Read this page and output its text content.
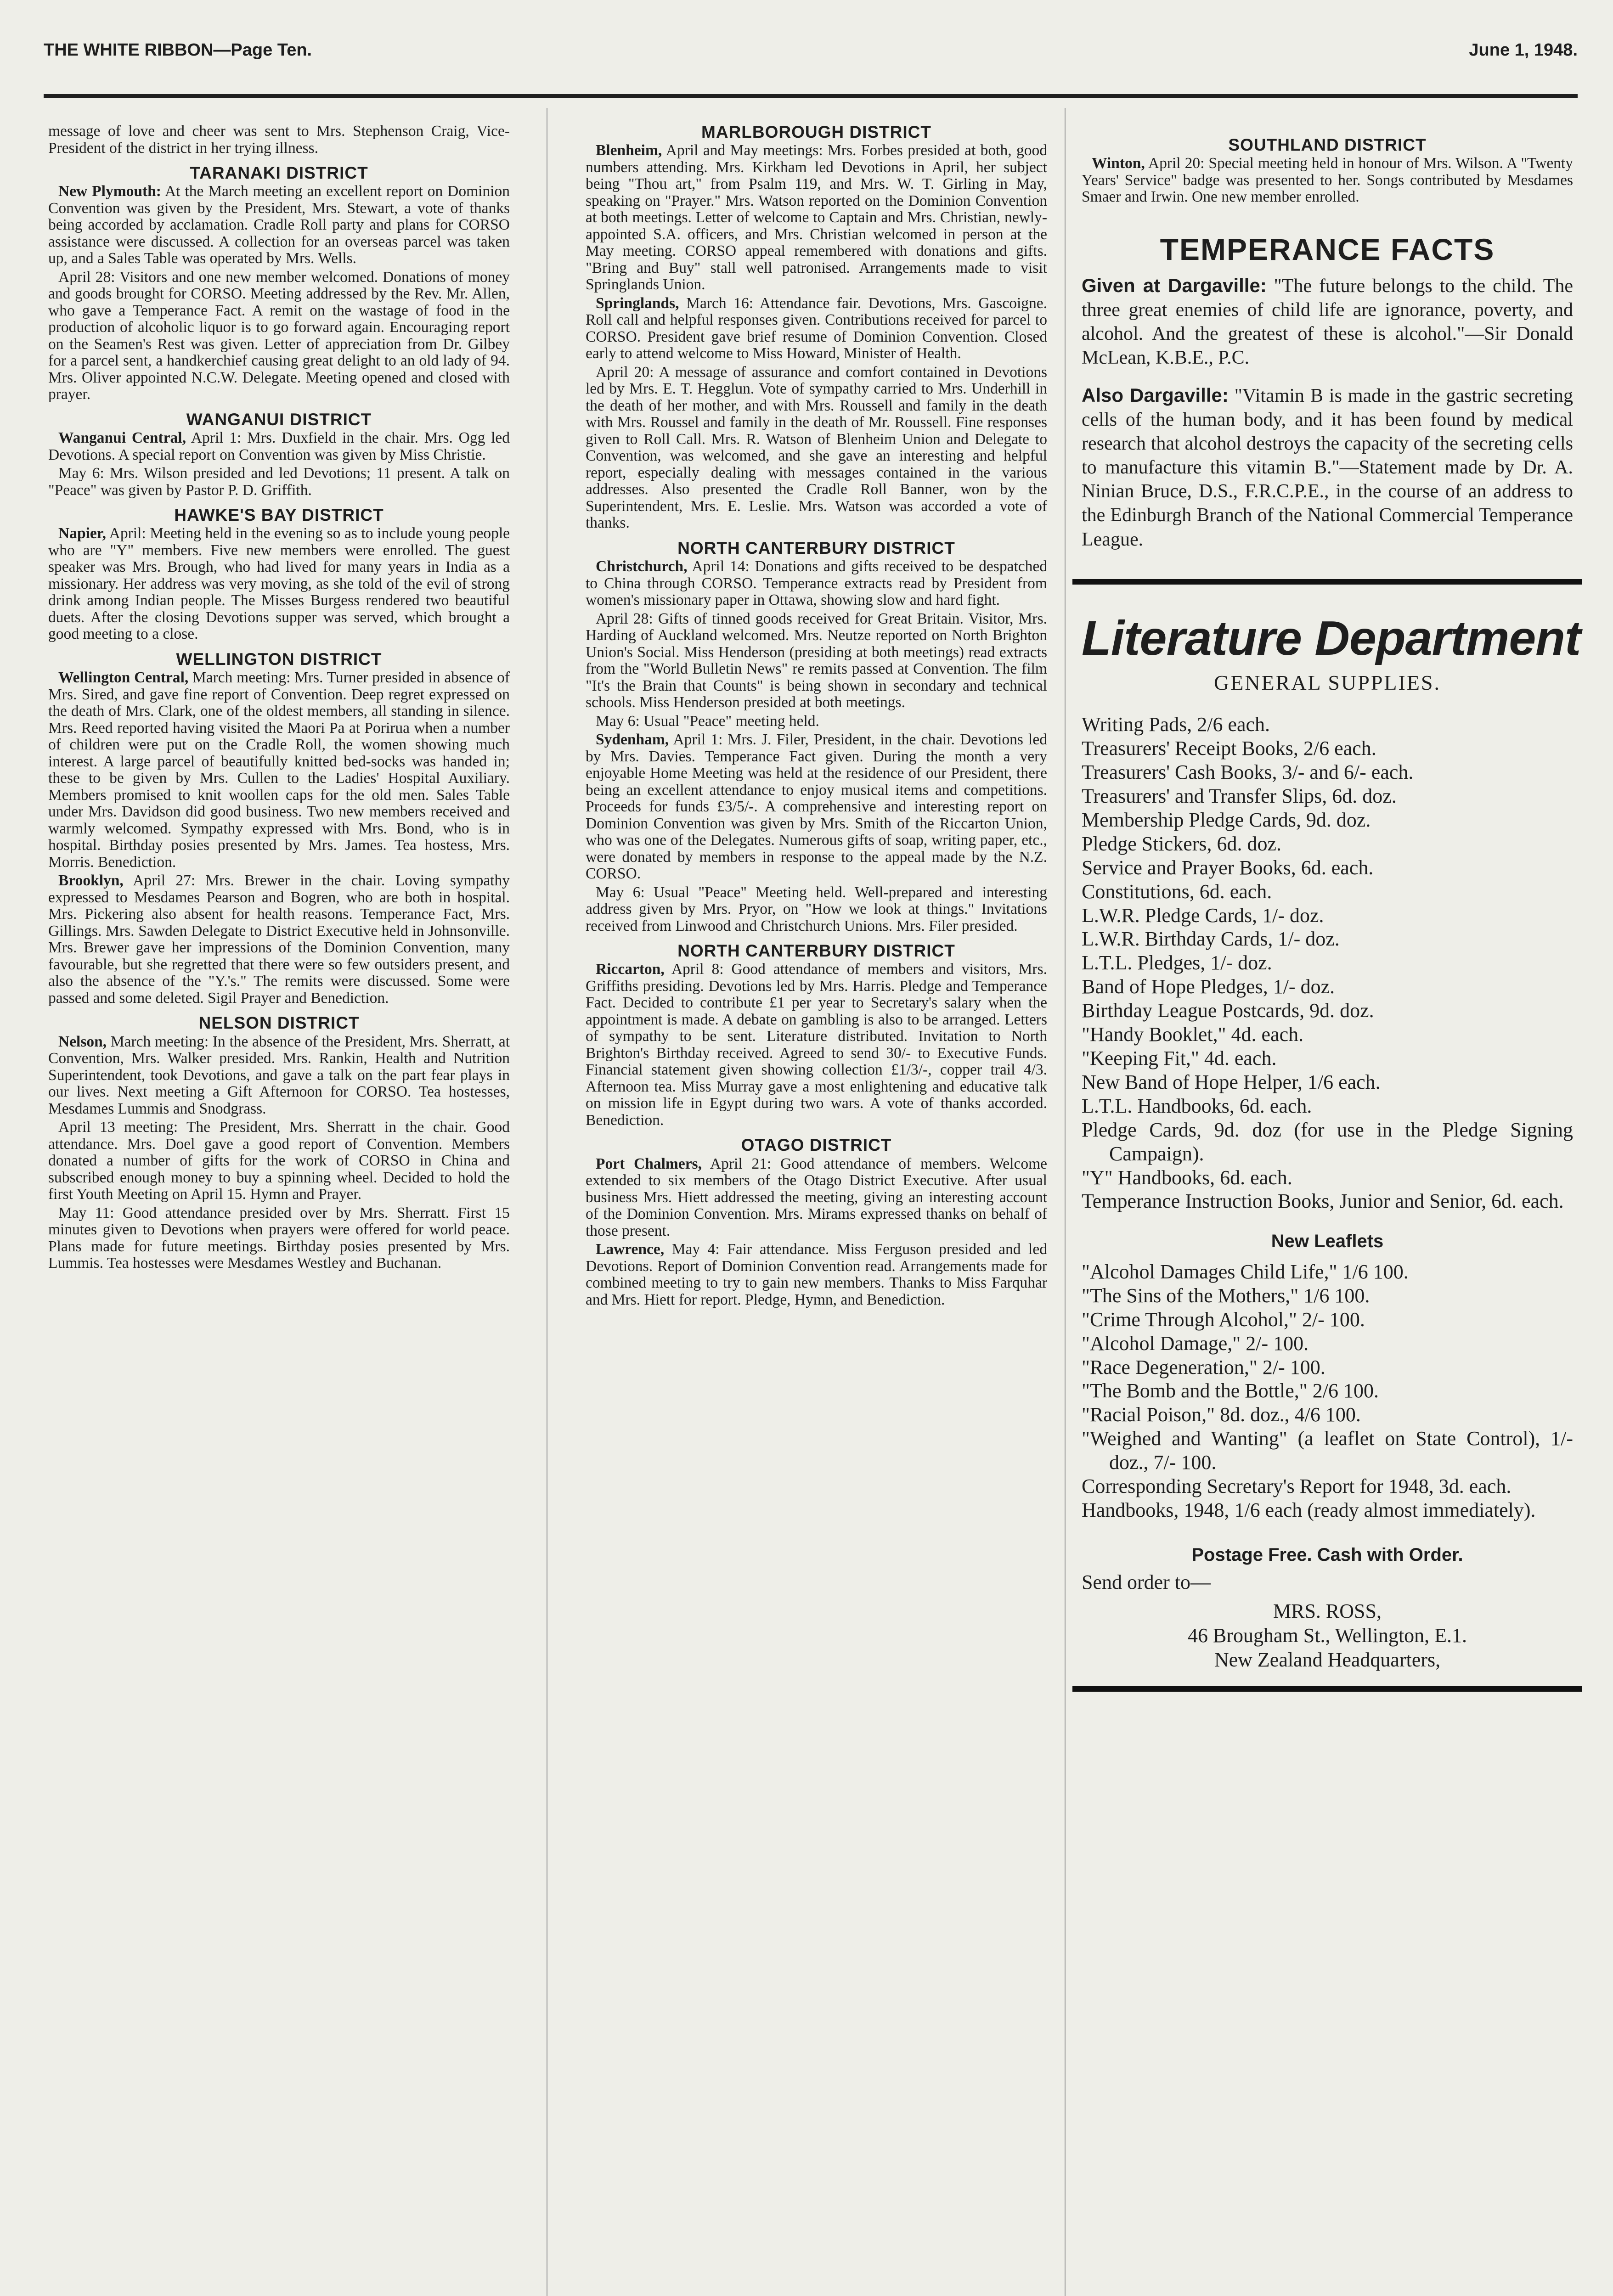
THE WHITE RIBBON—Page Ten.	June 1, 1948.

message of love and cheer was sent to Mrs. Stephenson Craig, Vice-President of the district in her trying illness.

TARANAKI DISTRICT

New Plymouth: At the March meeting an excellent report on Dominion Convention was given by the President, Mrs. Stewart, a vote of thanks being accorded by acclamation. Cradle Roll party and plans for CORSO assistance were discussed. A collection for an overseas parcel was taken up, and a Sales Table was operated by Mrs. Wells.

April 28: Visitors and one new member welcomed. Donations of money and goods brought for CORSO. Meeting addressed by the Rev. Mr. Allen, who gave a Temperance Fact. A remit on the wastage of food in the production of alcoholic liquor is to go forward again. Encouraging report on the Seamen's Rest was given. Letter of appreciation from Dr. Gilbey for a parcel sent, a handkerchief causing great delight to an old lady of 94. Mrs. Oliver appointed N.C.W. Delegate. Meeting opened and closed with prayer.

WANGANUI DISTRICT

Wanganui Central, April 1: Mrs. Duxfield in the chair. Mrs. Ogg led Devotions. A special report on Convention was given by Miss Christie.

May 6: Mrs. Wilson presided and led Devotions; 11 present. A talk on "Peace" was given by Pastor P. D. Griffith.

HAWKE'S BAY DISTRICT

Napier, April: Meeting held in the evening so as to include young people who are "Y" members. Five new members were enrolled. The guest speaker was Mrs. Brough, who had lived for many years in India as a missionary. Her address was very moving, as she told of the evil of strong drink among Indian people. The Misses Burgess rendered two beautiful duets. After the closing Devotions supper was served, which brought a good meeting to a close.

WELLINGTON DISTRICT

Wellington Central, March meeting: Mrs. Turner presided in absence of Mrs. Sired, and gave fine report of Convention. Deep regret expressed on the death of Mrs. Clark, one of the oldest members, all standing in silence. Mrs. Reed reported having visited the Maori Pa at Porirua when a number of children were put on the Cradle Roll, the women showing much interest. A large parcel of beautifully knitted bed-socks was handed in; these to be given by Mrs. Cullen to the Ladies' Hospital Auxiliary. Members promised to knit woollen caps for the old men. Sales Table under Mrs. Davidson did good business. Two new members received and warmly welcomed. Sympathy expressed with Mrs. Bond, who is in hospital. Birthday posies presented by Mrs. James. Tea hostess, Mrs. Morris. Benediction.

Brooklyn, April 27: Mrs. Brewer in the chair. Loving sympathy expressed to Mesdames Pearson and Bogren, who are both in hospital. Mrs. Pickering also absent for health reasons. Temperance Fact, Mrs. Gillings. Mrs. Sawden Delegate to District Executive held in Johnsonville. Mrs. Brewer gave her impressions of the Dominion Convention, many favourable, but she regretted that there were so few outsiders present, and also the absence of the "Y.'s." The remits were discussed. Some were passed and some deleted. Sigil Prayer and Benediction.

NELSON DISTRICT

Nelson, March meeting: In the absence of the President, Mrs. Sherratt, at Convention, Mrs. Walker presided. Mrs. Rankin, Health and Nutrition Superintendent, took Devotions, and gave a talk on the part fear plays in our lives. Next meeting a Gift Afternoon for CORSO. Tea hostesses, Mesdames Lummis and Snodgrass.

April 13 meeting: The President, Mrs. Sherratt in the chair. Good attendance. Mrs. Doel gave a good report of Convention. Members donated a number of gifts for the work of CORSO in China and subscribed enough money to buy a spinning wheel. Decided to hold the first Youth Meeting on April 15. Hymn and Prayer.

May 11: Good attendance presided over by Mrs. Sherratt. First 15 minutes given to Devotions when prayers were offered for world peace. Plans made for future meetings. Birthday posies presented by Mrs. Lummis. Tea hostesses were Mesdames Westley and Buchanan.

MARLBOROUGH DISTRICT

Blenheim, April and May meetings: Mrs. Forbes presided at both, good numbers attending. Mrs. Kirkham led Devotions in April, her subject being "Thou art," from Psalm 119, and Mrs. W. T. Girling in May, speaking on "Prayer." Mrs. Watson reported on the Dominion Convention at both meetings. Letter of welcome to Captain and Mrs. Christian, newly-appointed S.A. officers, and Mrs. Christian welcomed in person at the May meeting. CORSO appeal remembered with donations and gifts. "Bring and Buy" stall well patronised. Arrangements made to visit Springlands Union.

Springlands, March 16: Attendance fair. Devotions, Mrs. Gascoigne. Roll call and helpful responses given. Contributions received for parcel to CORSO. President gave brief resume of Dominion Convention. Closed early to attend welcome to Miss Howard, Minister of Health.

April 20: A message of assurance and comfort contained in Devotions led by Mrs. E. T. Hegglun. Vote of sympathy carried to Mrs. Underhill in the death of her mother, and with Mrs. Roussell and family in the death with Mrs. Roussel and family in the death of Mr. Roussell. Fine responses given to Roll Call. Mrs. R. Watson of Blenheim Union and Delegate to Convention, was welcomed, and she gave an interesting and helpful report, especially dealing with messages contained in the various addresses. Also presented the Cradle Roll Banner, won by the Superintendent, Mrs. E. Leslie. Mrs. Watson was accorded a vote of thanks.

NORTH CANTERBURY DISTRICT

Christchurch, April 14: Donations and gifts received to be despatched to China through CORSO. Temperance extracts read by President from women's missionary paper in Ottawa, showing slow and hard fight.

April 28: Gifts of tinned goods received for Great Britain. Visitor, Mrs. Harding of Auckland welcomed. Mrs. Neutze reported on North Brighton Union's Social. Miss Henderson (presiding at both meetings) read extracts from the "World Bulletin News" re remits passed at Convention. The film "It's the Brain that Counts" is being shown in secondary and technical schools. Miss Henderson presided at both meetings.

May 6: Usual "Peace" meeting held.

Sydenham, April 1: Mrs. J. Filer, President, in the chair. Devotions led by Mrs. Davies. Temperance Fact given. During the month a very enjoyable Home Meeting was held at the residence of our President, there being an excellent attendance to enjoy musical items and competitions. Proceeds for funds £3/5/-. A comprehensive and interesting report on Dominion Convention was given by Mrs. Smith of the Riccarton Union, who was one of the Delegates. Numerous gifts of soap, writing paper, etc., were donated by members in response to the appeal made by the N.Z. CORSO.

May 6: Usual "Peace" Meeting held. Well-prepared and interesting address given by Mrs. Pryor, on "How we look at things." Invitations received from Linwood and Christchurch Unions. Mrs. Filer presided.

NORTH CANTERBURY DISTRICT

Riccarton, April 8: Good attendance of members and visitors, Mrs. Griffiths presiding. Devotions led by Mrs. Harris. Pledge and Temperance Fact. Decided to contribute £1 per year to Secretary's salary when the appointment is made. A debate on gambling is also to be arranged. Letters of sympathy to be sent. Literature distributed. Invitation to North Brighton's Birthday received. Agreed to send 30/- to Executive Funds. Financial statement given showing collection £1/3/-, copper trail 4/3. Afternoon tea. Miss Murray gave a most enlightening and educative talk on mission life in Egypt during two wars. A vote of thanks accorded. Benediction.

OTAGO DISTRICT

Port Chalmers, April 21: Good attendance of members. Welcome extended to six members of the Otago District Executive. After usual business Mrs. Hiett addressed the meeting, giving an interesting account of the Dominion Convention. Mrs. Mirams expressed thanks on behalf of those present.

Lawrence, May 4: Fair attendance. Miss Ferguson presided and led Devotions. Report of Dominion Convention read. Arrangements made for combined meeting to try to gain new members. Thanks to Miss Farquhar and Mrs. Hiett for report. Pledge, Hymn, and Benediction.

SOUTHLAND DISTRICT

Winton, April 20: Special meeting held in honour of Mrs. Wilson. A "Twenty Years' Service" badge was presented to her. Songs contributed by Mesdames Smaer and Irwin. One new member enrolled.

TEMPERANCE FACTS

Given at Dargaville: "The future belongs to the child. The three great enemies of child life are ignorance, poverty, and alcohol. And the greatest of these is alcohol."—Sir Donald McLean, K.B.E., P.C.

Also Dargaville: "Vitamin B is made in the gastric secreting cells of the human body, and it has been found by medical research that alcohol destroys the capacity of the secreting cells to manufacture this vitamin B."—Statement made by Dr. A. Ninian Bruce, D.S., F.R.C.P.E., in the course of an address to the Edinburgh Branch of the National Commercial Temperance League.

Literature Department
GENERAL SUPPLIES.
Writing Pads, 2/6 each.
Treasurers' Receipt Books, 2/6 each.
Treasurers' Cash Books, 3/- and 6/- each.
Treasurers' and Transfer Slips, 6d. doz.
Membership Pledge Cards, 9d. doz.
Pledge Stickers, 6d. doz.
Service and Prayer Books, 6d. each.
Constitutions, 6d. each.
L.W.R. Pledge Cards, 1/- doz.
L.W.R. Birthday Cards, 1/- doz.
L.T.L. Pledges, 1/- doz.
Band of Hope Pledges, 1/- doz.
Birthday League Postcards, 9d. doz.
"Handy Booklet," 4d. each.
"Keeping Fit," 4d. each.
New Band of Hope Helper, 1/6 each.
L.T.L. Handbooks, 6d. each.
Pledge Cards, 9d. doz (for use in the Pledge Signing Campaign).
"Y" Handbooks, 6d. each.
Temperance Instruction Books, Junior and Senior, 6d. each.
New Leaflets
"Alcohol Damages Child Life," 1/6 100.
"The Sins of the Mothers," 1/6 100.
"Crime Through Alcohol," 2/- 100.
"Alcohol Damage," 2/- 100.
"Race Degeneration," 2/- 100.
"The Bomb and the Bottle," 2/6 100.
"Racial Poison," 8d. doz., 4/6 100.
"Weighed and Wanting" (a leaflet on State Control), 1/- doz., 7/- 100.
Corresponding Secretary's Report for 1948, 3d. each.
Handbooks, 1948, 1/6 each (ready almost immediately).
Postage Free. Cash with Order.
Send order to—
MRS. ROSS,
46 Brougham St., Wellington, E.1.
New Zealand Headquarters,
